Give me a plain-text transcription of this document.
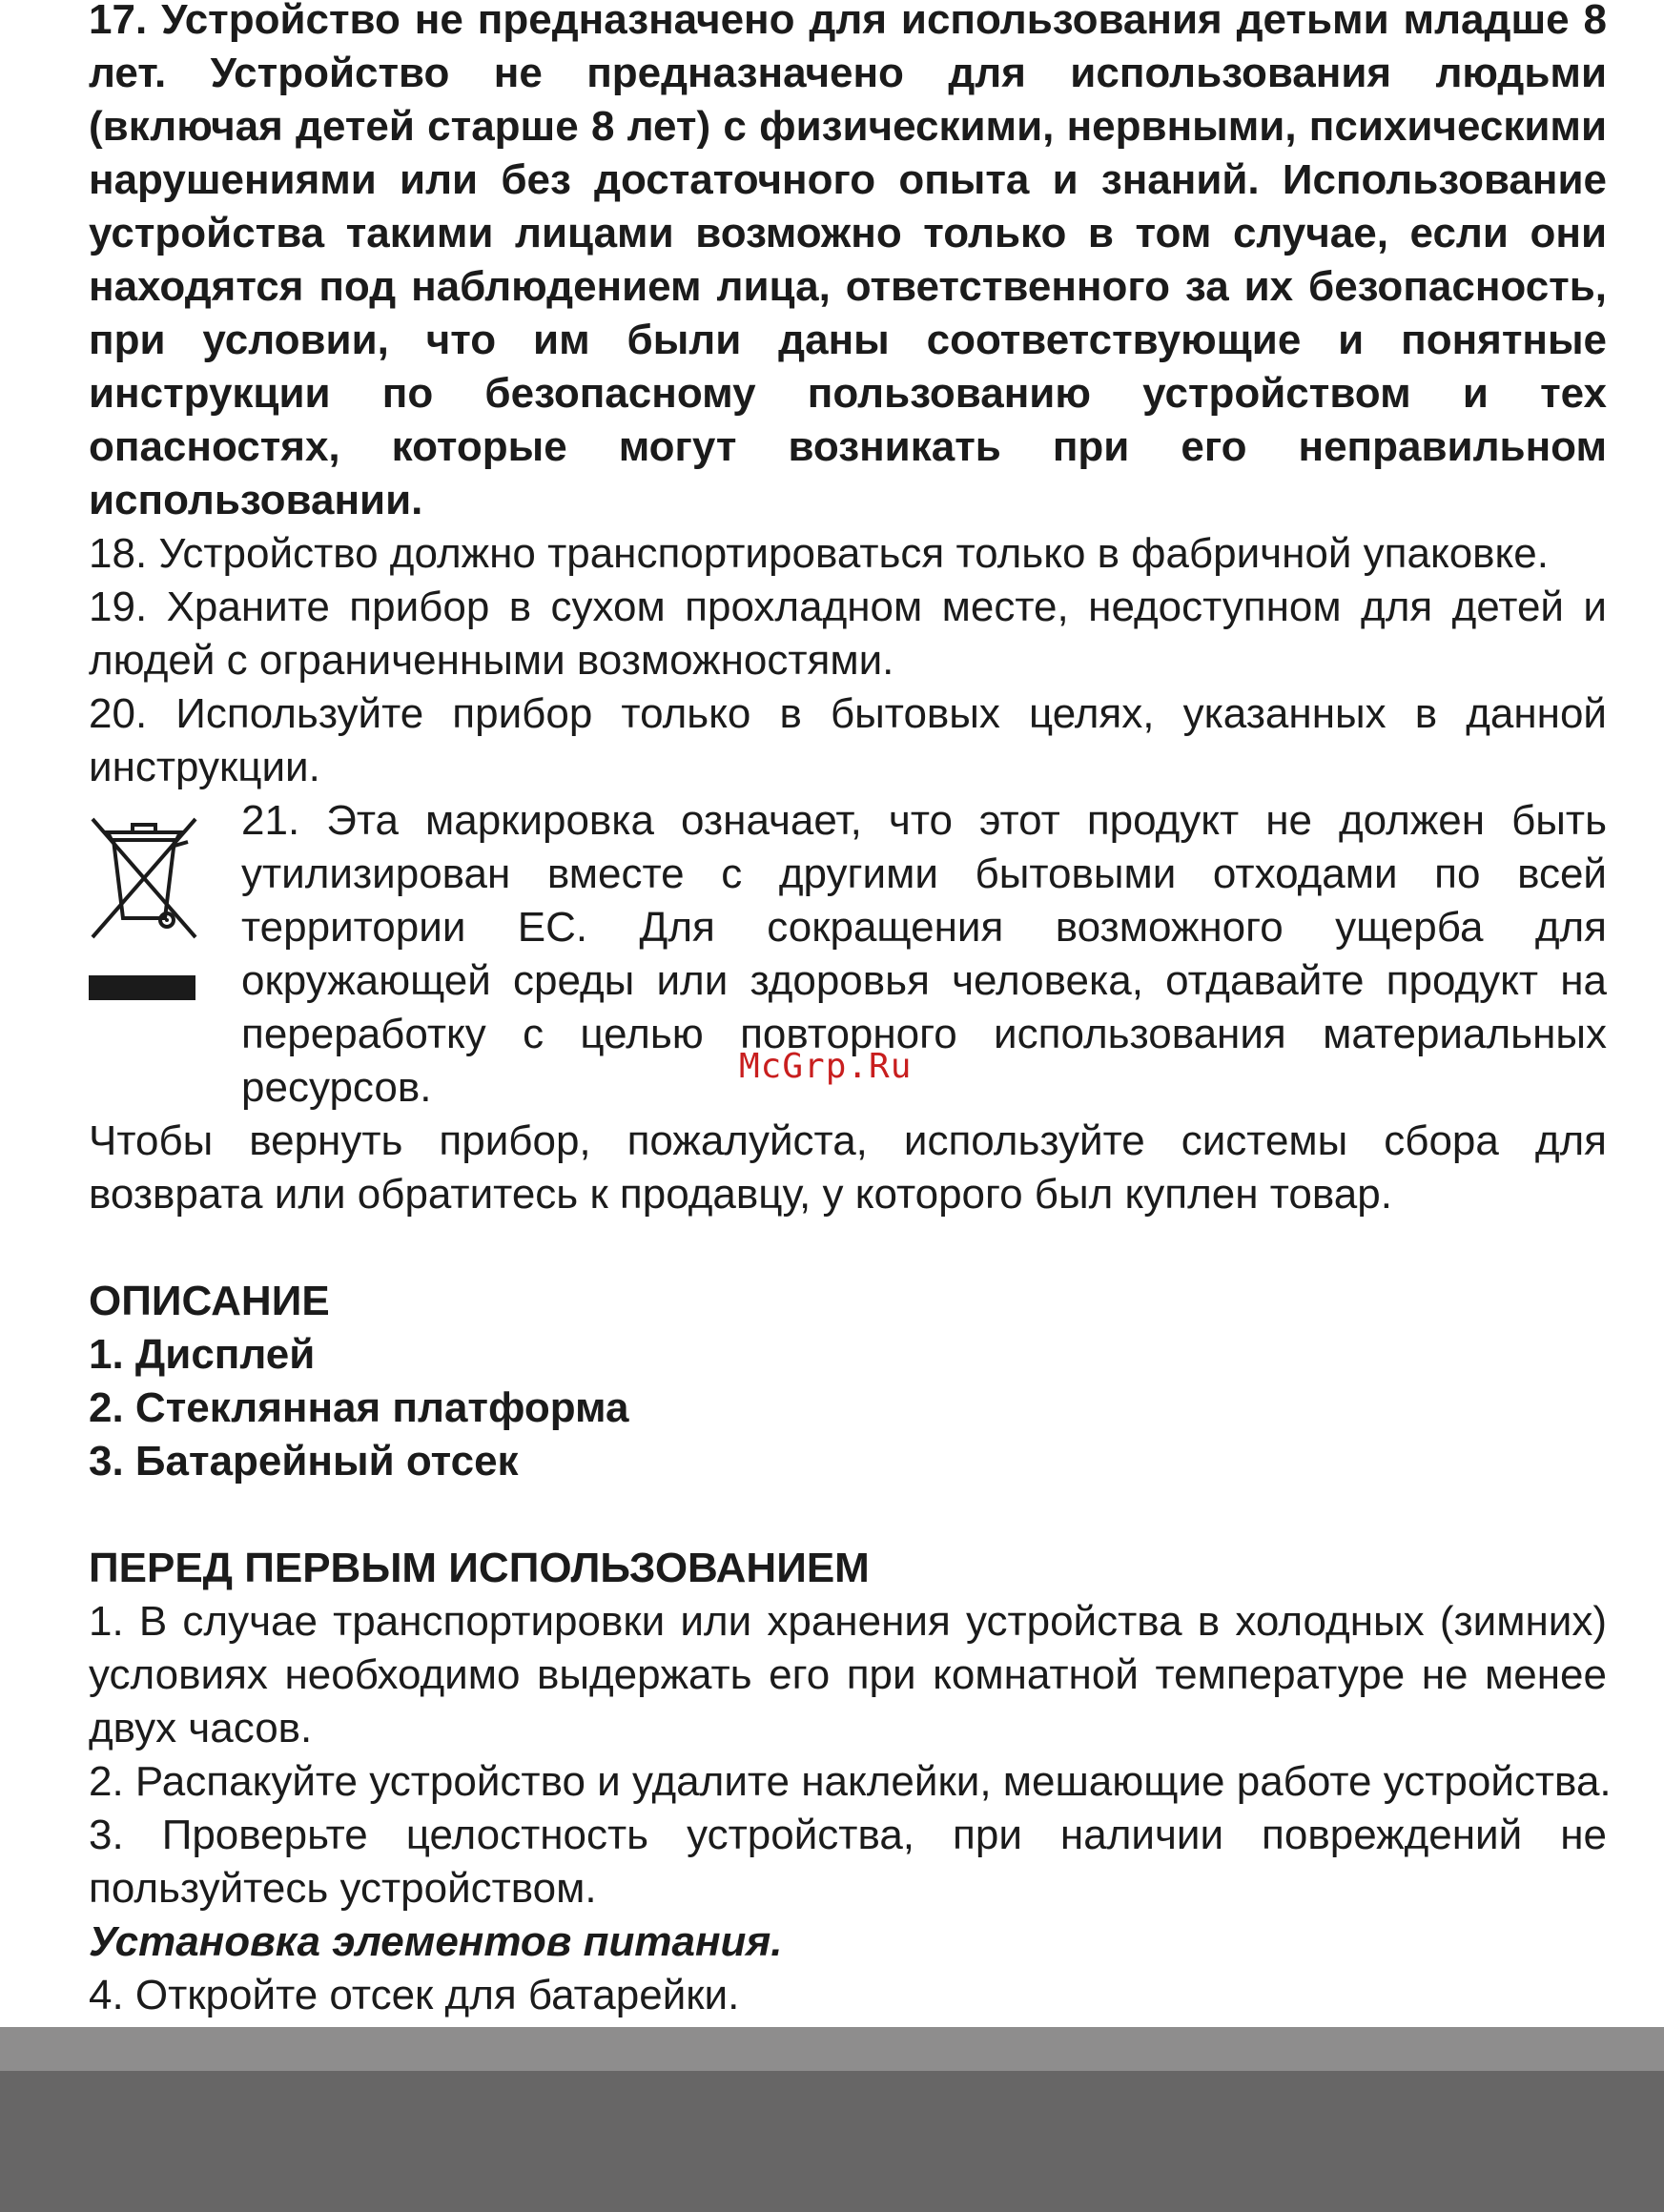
17. Устройство не предназначено для использования детьми младше 8 лет. Устройство не предназначено для использования людьми (включая детей старше 8 лет) с физическими, нервными, психическими нарушениями или без достаточного опыта и знаний. Использование устройства такими лицами возможно только в том случае, если они находятся под наблюдением лица, ответственного за их безопасность, при условии, что им были даны соответствующие и понятные инструкции по безопасному пользованию устройством и тех опасностях, которые могут возникать при его неправильном использовании.

18. Устройство должно транспортироваться только в фабричной упаковке.

19. Храните прибор в сухом прохладном месте, недоступном для детей и людей с ограниченными возможностями.

20. Используйте прибор только в бытовых целях, указанных в данной инструкции.

21. Эта маркировка означает, что этот продукт не должен быть утилизирован вместе с другими бытовыми отходами по всей территории ЕС. Для сокращения возможного ущерба для окружающей среды или здоровья человека, отдавайте продукт на переработку с целью повторного использования материальных ресурсов.

Чтобы вернуть прибор, пожалуйста, используйте системы сбора для возврата или обратитесь к продавцу, у которого был куплен товар.

ОПИСАНИЕ

1. Дисплей

2. Стеклянная платформа

3. Батарейный отсек

ПЕРЕД ПЕРВЫМ ИСПОЛЬЗОВАНИЕМ

1. В случае транспортировки или хранения устройства в холодных (зимних) условиях необходимо выдержать его при комнатной температуре не менее двух часов.

2. Распакуйте устройство и удалите наклейки, мешающие работе устройства.

3. Проверьте целостность устройства, при наличии повреждений не пользуйтесь устройством.

Установка элементов питания.

4. Откройте отсек для батарейки.

McGrp.Ru
